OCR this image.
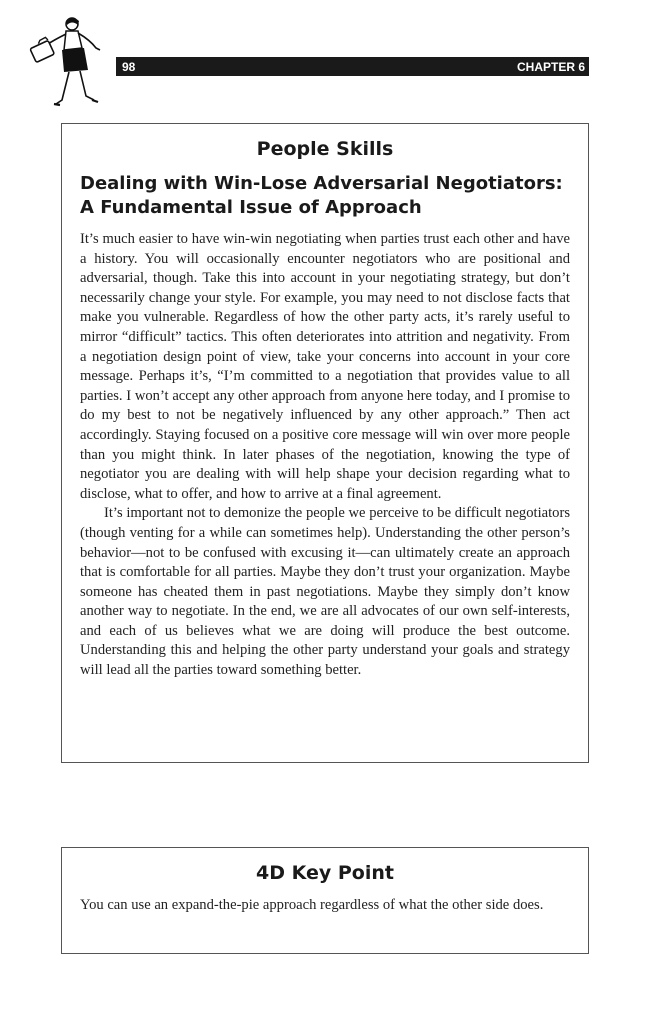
98	CHAPTER 6
People Skills
Dealing with Win-Lose Adversarial Negotiators:
A Fundamental Issue of Approach

It’s much easier to have win-win negotiating when parties trust each other and have a history. You will occasionally encounter negotiators who are positional and adversarial, though. Take this into account in your negotiating strategy, but don’t necessarily change your style. For example, you may need to not disclose facts that make you vulnerable. Regardless of how the other party acts, it’s rarely useful to mirror “difficult” tactics. This often deteriorates into attrition and negativity. From a negotiation design point of view, take your concerns into account in your core message. Perhaps it’s, “I’m committed to a negotiation that provides value to all parties. I won’t accept any other approach from anyone here today, and I promise to do my best to not be negatively influenced by any other approach.” Then act accordingly. Staying focused on a positive core message will win over more people than you might think. In later phases of the negotiation, knowing the type of negotiator you are dealing with will help shape your decision regarding what to disclose, what to offer, and how to arrive at a final agreement.

It’s important not to demonize the people we perceive to be difficult negotiators (though venting for a while can sometimes help). Understanding the other person’s behavior—not to be confused with excusing it—can ultimately create an approach that is comfortable for all parties. Maybe they don’t trust your organization. Maybe someone has cheated them in past negotiations. Maybe they simply don’t know another way to negotiate. In the end, we are all advocates of our own self-interests, and each of us believes what we are doing will produce the best outcome. Understanding this and helping the other party understand your goals and strategy will lead all the parties toward something better.

4D Key Point

You can use an expand-the-pie approach regardless of what the other side does.
